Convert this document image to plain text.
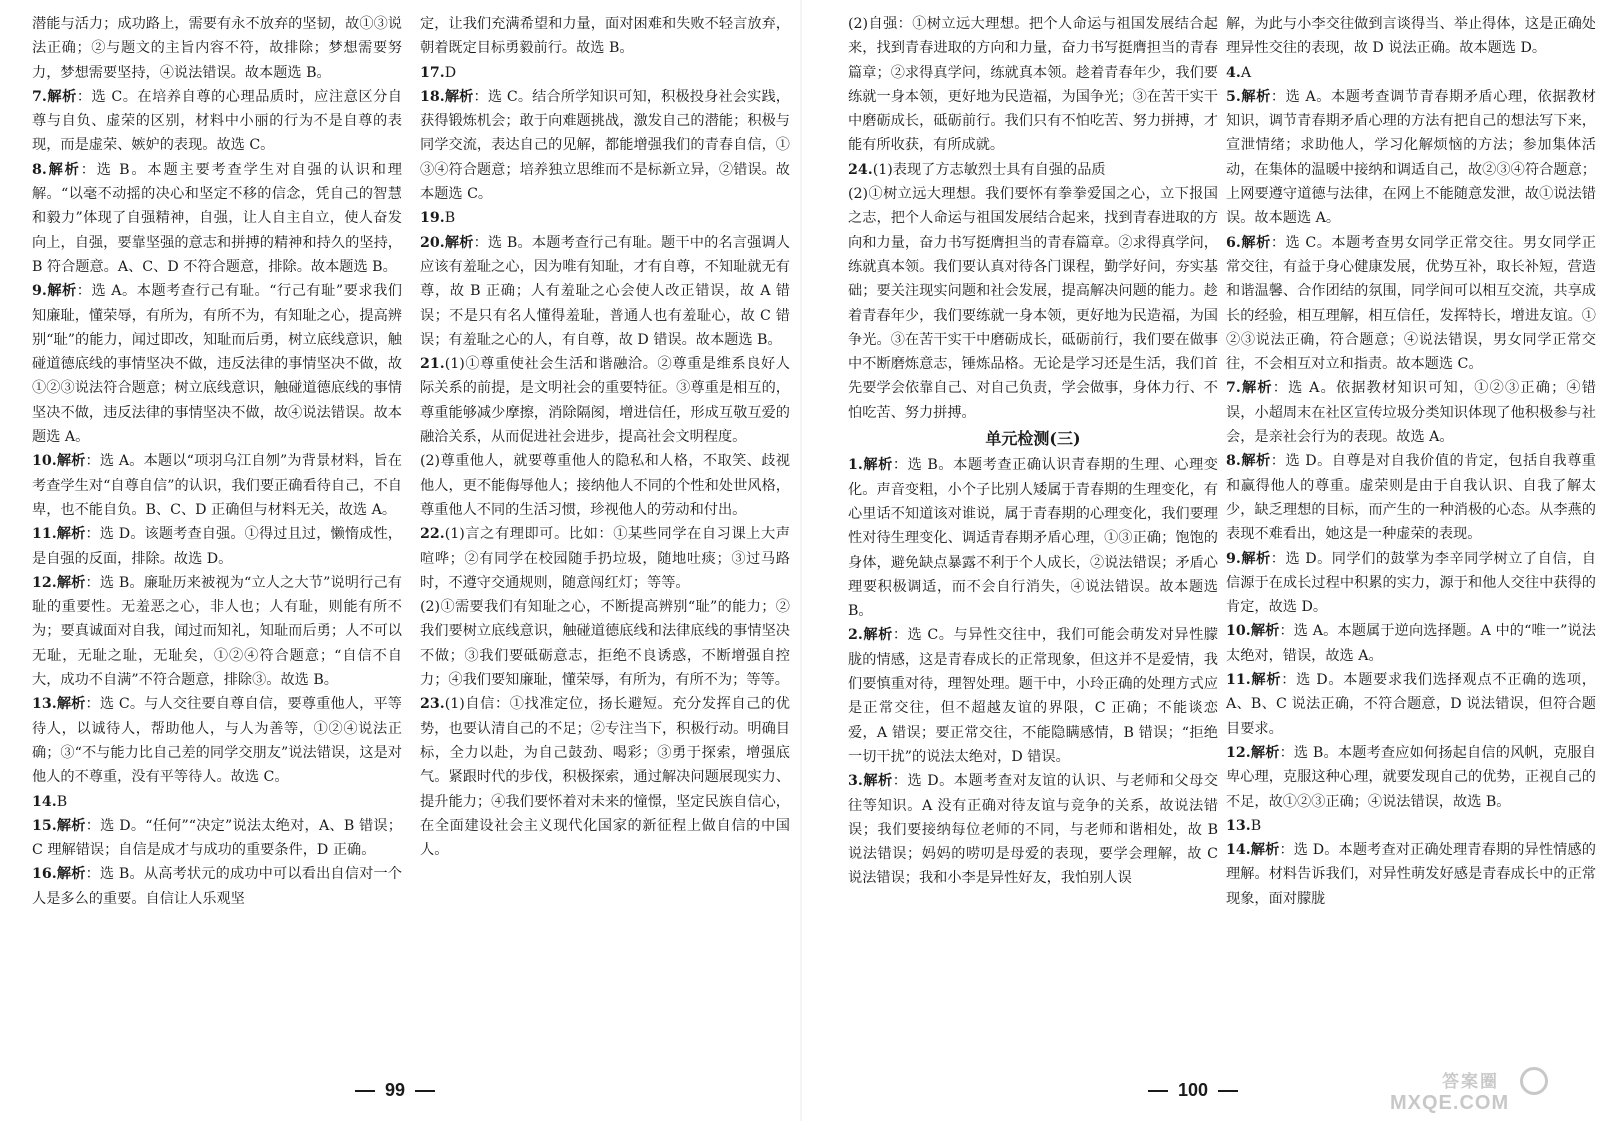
潜能与活力；成功路上，需要有永不放弃的坚韧，故①③说法正确；②与题文的主旨内容不符，故排除；梦想需要努力，梦想需要坚持，④说法错误。故本题选 B。

7.解析：选 C。在培养自尊的心理品质时，应注意区分自尊与自负、虚荣的区别，材料中小丽的行为不是自尊的表现，而是虚荣、嫉妒的表现。故选 C。

8.解析：选 B。本题主要考查学生对自强的认识和理解。“以毫不动摇的决心和坚定不移的信念，凭自己的智慧和毅力”体现了自强精神，自强，让人自主自立，使人奋发向上，自强，要靠坚强的意志和拼搏的精神和持久的坚持，B 符合题意。A、C、D 不符合题意，排除。故本题选 B。

9.解析：选 A。本题考查行己有耻。“行己有耻”要求我们知廉耻，懂荣辱，有所为，有所不为，有知耻之心，提高辨别“耻”的能力，闻过即改，知耻而后勇，树立底线意识，触碰道德底线的事情坚决不做，违反法律的事情坚决不做，故①②③说法符合题意；树立底线意识，触碰道德底线的事情坚决不做，违反法律的事情坚决不做，故④说法错误。故本题选 A。

10.解析：选 A。本题以“项羽乌江自刎”为背景材料，旨在考查学生对“自尊自信”的认识，我们要正确看待自己，不自卑，也不能自负。B、C、D 正确但与材料无关，故选 A。

11.解析：选 D。该题考查自强。①得过且过，懒惰成性，是自强的反面，排除。故选 D。

12.解析：选 B。廉耻历来被视为“立人之大节”说明行己有耻的重要性。无羞恶之心，非人也；人有耻，则能有所不为；要真诚面对自我，闻过而知礼，知耻而后勇；人不可以无耻，无耻之耻，无耻矣，①②④符合题意；“自信不自大，成功不自满”不符合题意，排除③。故选 B。

13.解析：选 C。与人交往要自尊自信，要尊重他人，平等待人，以诚待人，帮助他人，与人为善等，①②④说法正确；③“不与能力比自己差的同学交朋友”说法错误，这是对他人的不尊重，没有平等待人。故选 C。

14.B

15.解析：选 D。“任何”“决定”说法太绝对，A、B 错误；C 理解错误；自信是成才与成功的重要条件，D 正确。

16.解析：选 B。从高考状元的成功中可以看出自信对一个人是多么的重要。自信让人乐观坚

定，让我们充满希望和力量，面对困难和失败不轻言放弃，朝着既定目标勇毅前行。故选 B。

17.D

18.解析：选 C。结合所学知识可知，积极投身社会实践，获得锻炼机会；敢于向难题挑战，激发自己的潜能；积极与同学交流，表达自己的见解，都能增强我们的青春自信，①③④符合题意；培养独立思维而不是标新立异，②错误。故本题选 C。

19.B

20.解析：选 B。本题考查行己有耻。题干中的名言强调人应该有羞耻之心，因为唯有知耻，才有自尊，不知耻就无有尊，故 B 正确；人有羞耻之心会使人改正错误，故 A 错误；不是只有名人懂得羞耻，普通人也有羞耻心，故 C 错误；有羞耻之心的人，有自尊，故 D 错误。故本题选 B。

21.(1)①尊重使社会生活和谐融洽。②尊重是维系良好人际关系的前提，是文明社会的重要特征。③尊重是相互的，尊重能够减少摩擦，消除隔阂，增进信任，形成互敬互爱的融洽关系，从而促进社会进步，提高社会文明程度。

(2)尊重他人，就要尊重他人的隐私和人格，不取笑、歧视他人，更不能侮辱他人；接纳他人不同的个性和处世风格，尊重他人不同的生活习惯，珍视他人的劳动和付出。

22.(1)言之有理即可。比如：①某些同学在自习课上大声喧哗；②有同学在校园随手扔垃圾，随地吐痰；③过马路时，不遵守交通规则，随意闯红灯；等等。

(2)①需要我们有知耻之心，不断提高辨别“耻”的能力；②我们要树立底线意识，触碰道德底线和法律底线的事情坚决不做；③我们要砥砺意志，拒绝不良诱惑，不断增强自控力；④我们要知廉耻，懂荣辱，有所为，有所不为；等等。

23.(1)自信：①找准定位，扬长避短。充分发挥自己的优势，也要认清自己的不足；②专注当下，积极行动。明确目标，全力以赴，为自己鼓劲、喝彩；③勇于探索，增强底气。紧跟时代的步伐，积极探索，通过解决问题展现实力、提升能力；④我们要怀着对未来的憧憬，坚定民族自信心，在全面建设社会主义现代化国家的新征程上做自信的中国人。

(2)自强：①树立远大理想。把个人命运与祖国发展结合起来，找到青春进取的方向和力量，奋力书写挺膺担当的青春篇章；②求得真学问，练就真本领。趁着青春年少，我们要练就一身本领，更好地为民造福，为国争光；③在苦干实干中磨砺成长，砥砺前行。我们只有不怕吃苦、努力拼搏，才能有所收获，有所成就。

24.(1)表现了方志敏烈士具有自强的品质

(2)①树立远大理想。我们要怀有拳拳爱国之心，立下报国之志，把个人命运与祖国发展结合起来，找到青春进取的方向和力量，奋力书写挺膺担当的青春篇章。②求得真学问，练就真本领。我们要认真对待各门课程，勤学好问，夯实基础；要关注现实问题和社会发展，提高解决问题的能力。趁着青春年少，我们要练就一身本领，更好地为民造福，为国争光。③在苦干实干中磨砺成长，砥砺前行，我们要在做事中不断磨炼意志，锤炼品格。无论是学习还是生活，我们首先要学会依靠自己、对自己负责，学会做事，身体力行、不怕吃苦、努力拼搏。

单元检测(三)

1.解析：选 B。本题考查正确认识青春期的生理、心理变化。声音变粗，小个子比别人矮属于青春期的生理变化，有心里话不知道该对谁说，属于青春期的心理变化，我们要理性对待生理变化、调适青春期矛盾心理，①③正确；饱饱的身体，避免缺点暴露不利于个人成长，②说法错误；矛盾心理要积极调适，而不会自行消失，④说法错误。故本题选 B。

2.解析：选 C。与异性交往中，我们可能会萌发对异性朦胧的情感，这是青春成长的正常现象，但这并不是爱情，我们要慎重对待，理智处理。题干中，小玲正确的处理方式应是正常交往，但不超越友谊的界限，C 正确；不能谈恋爱，A 错误；要正常交往，不能隐瞒感情，B 错误；“拒绝一切干扰”的说法太绝对，D 错误。

3.解析：选 D。本题考查对友谊的认识、与老师和父母交往等知识。A 没有正确对待友谊与竞争的关系，故说法错误；我们要接纳每位老师的不同，与老师和谐相处，故 B 说法错误；妈妈的唠叨是母爱的表现，要学会理解，故 C 说法错误；我和小李是异性好友，我怕别人误

解，为此与小李交往做到言谈得当、举止得体，这是正确处理异性交往的表现，故 D 说法正确。故本题选 D。

4.A

5.解析：选 A。本题考查调节青春期矛盾心理，依据教材知识，调节青春期矛盾心理的方法有把自己的想法写下来，宣泄情绪；求助他人，学习化解烦恼的方法；参加集体活动，在集体的温暖中接纳和调适自己，故②③④符合题意；上网要遵守道德与法律，在网上不能随意发泄，故①说法错误。故本题选 A。

6.解析：选 C。本题考查男女同学正常交往。男女同学正常交往，有益于身心健康发展，优势互补，取长补短，营造和谐温馨、合作团结的氛围，同学间可以相互交流，共享成长的经验，相互理解，相互信任，发挥特长，增进友谊。①②③说法正确，符合题意；④说法错误，男女同学正常交往，不会相互对立和指责。故本题选 C。

7.解析：选 A。依据教材知识可知，①②③正确；④错误，小超周末在社区宣传垃圾分类知识体现了他积极参与社会，是亲社会行为的表现。故选 A。

8.解析：选 D。自尊是对自我价值的肯定，包括自我尊重和赢得他人的尊重。虚荣则是由于自我认识、自我了解太少，缺乏理想的目标，而产生的一种消极的心态。从李燕的表现不难看出，她这是一种虚荣的表现。

9.解析：选 D。同学们的鼓掌为李辛同学树立了自信，自信源于在成长过程中积累的实力，源于和他人交往中获得的肯定，故选 D。

10.解析：选 A。本题属于逆向选择题。A 中的“唯一”说法太绝对，错误，故选 A。

11.解析：选 D。本题要求我们选择观点不正确的选项，A、B、C 说法正确，不符合题意，D 说法错误，但符合题目要求。

12.解析：选 B。本题考查应如何扬起自信的风帆，克服自卑心理，克服这种心理，就要发现自己的优势，正视自己的不足，故①②③正确；④说法错误，故选 B。

13.B

14.解析：选 D。本题考查对正确处理青春期的异性情感的理解。材料告诉我们，对异性萌发好感是青春成长中的正常现象，面对朦胧

99	100	答案圈
MXQE.COM
